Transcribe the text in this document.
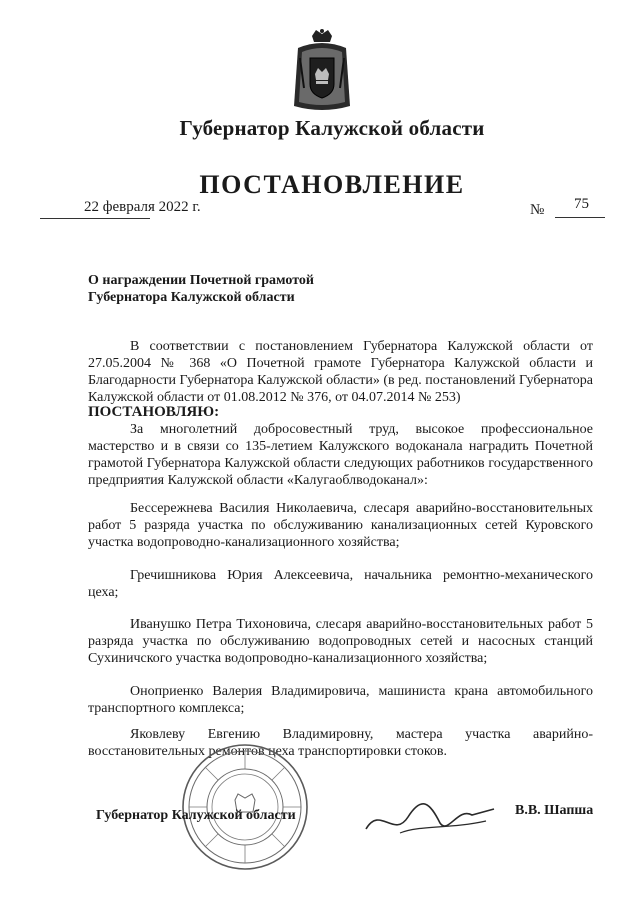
Губернатор Калужской области
ПОСТАНОВЛЕНИЕ
22 февраля 2022 г.	№ 75
О награждении Почетной грамотой
Губернатора Калужской области
В соответствии с постановлением Губернатора Калужской области от 27.05.2004 № 368 «О Почетной грамоте Губернатора Калужской области и Благодарности Губернатора Калужской области» (в ред. постановлений Губернатора Калужской области от 01.08.2012 № 376, от 04.07.2014 № 253)
ПОСТАНОВЛЯЮ:
За многолетний добросовестный труд, высокое профессиональное мастерство и в связи со 135-летием Калужского водоканала наградить Почетной грамотой Губернатора Калужской области следующих работников государственного предприятия Калужской области «Калугаоблводоканал»:
Бессережнева Василия Николаевича, слесаря аварийно-восстановительных работ 5 разряда участка по обслуживанию канализационных сетей Куровского участка водопроводно-канализационного хозяйства;
Гречишникова Юрия Алексеевича, начальника ремонтно-механического цеха;
Иванушко Петра Тихоновича, слесаря аварийно-восстановительных работ 5 разряда участка по обслуживанию водопроводных сетей и насосных станций Сухиничского участка водопроводно-канализационного хозяйства;
Оноприенко Валерия Владимировича, машиниста крана автомобильного транспортного комплекса;
Яковлеву Евгению Владимировну, мастера участка аварийно-восстановительных ремонтов цеха транспортировки стоков.
Губернатор Калужской области	В.В. Шапша
